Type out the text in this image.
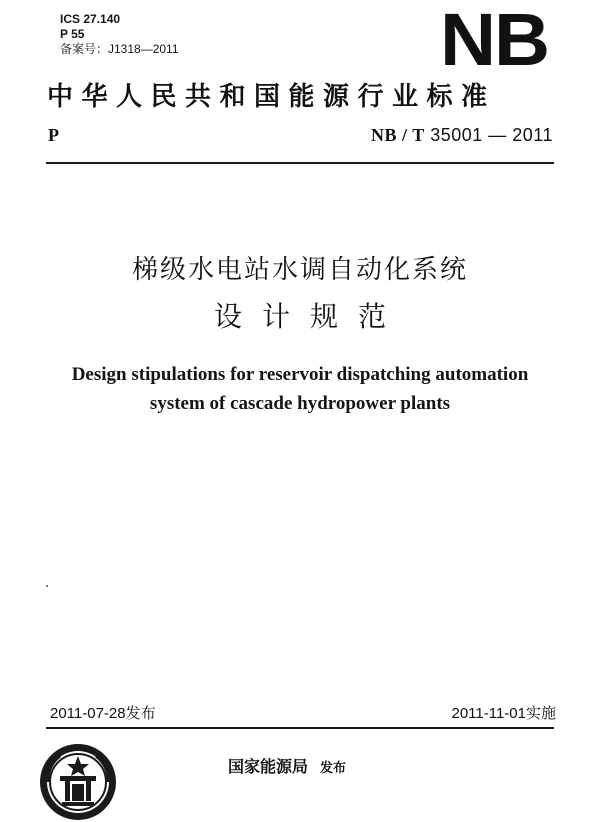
ICS 27.140
P 55
备案号：J1318—2011	NB
中华人民共和国能源行业标准
P	NB / T 35001 — 2011
梯级水电站水调自动化系统
设计规范
Design stipulations for reservoir dispatching automation
system of cascade hydropower plants
2011-07-28发布	2011-11-01实施
国家能源局 发布
